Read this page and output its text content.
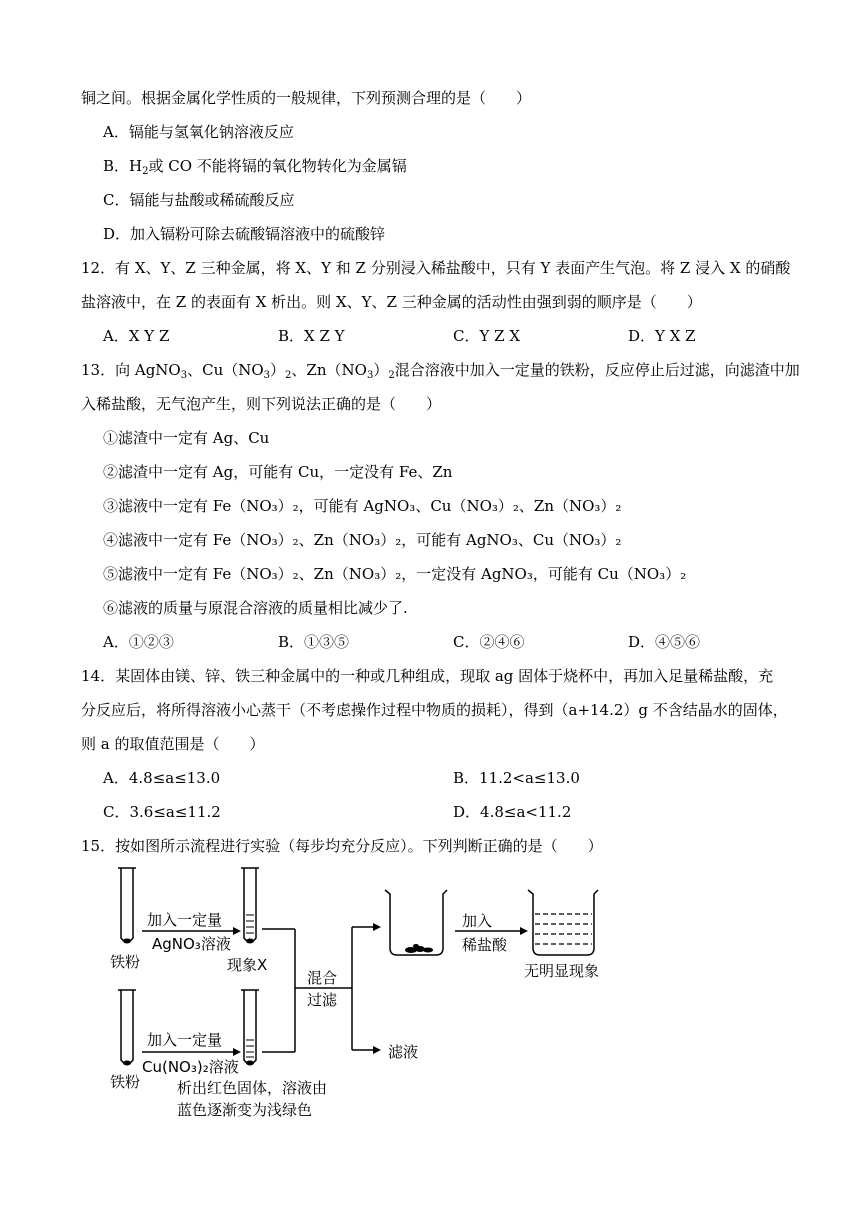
铜之间。根据金属化学性质的一般规律，下列预测合理的是（　　）
A．镉能与氢氧化钠溶液反应
B．$H_2$或 CO 不能将镉的氧化物转化为金属镉
C．镉能与盐酸或稀硫酸反应
D．加入镉粉可除去硫酸镉溶液中的硫酸锌
12．有 X、Y、Z 三种金属，将 X、Y 和 Z 分别浸入稀盐酸中，只有 Y 表面产生气泡。将 Z 浸入 X 的硝酸
盐溶液中，在 Z 的表面有 X 析出。则 X、Y、Z 三种金属的活动性由强到弱的顺序是（　　）
A．X Y Z	B．X Z Y	C．Y Z X	D．Y X Z
13．向 AgNO$_3$、$Cu(NO_3)_2$、$Zn(NO_3)_2$混合溶液中加入一定量的铁粉，反应停止后过滤，向滤渣中加
入稀盐酸，无气泡产生，则下列说法正确的是（　　）
①滤渣中一定有 Ag、Cu
②滤渣中一定有 Ag，可能有 Cu，一定没有 Fe、Zn
③滤液中一定有 Fe（NO₃）₂，可能有 AgNO₃、Cu（NO₃）₂、Zn（NO₃）₂
④滤液中一定有 Fe（NO₃）₂、Zn（NO₃）₂，可能有 AgNO₃、Cu（NO₃）₂
⑤滤液中一定有 Fe（NO₃）₂、Zn（NO₃）₂，一定没有 AgNO₃，可能有 Cu（NO₃）₂
⑥滤液的质量与原混合溶液的质量相比减少了.
A．①②③	B．①③⑤	C．②④⑥	D．④⑤⑥
14．某固体由镁、锌、铁三种金属中的一种或几种组成，现取 ag 固体于烧杯中，再加入足量稀盐酸，充
分反应后，将所得溶液小心蒸干（不考虑操作过程中物质的损耗），得到（a+14.2）g 不含结晶水的固体，
则 a 的取值范围是（　　）
A．4.8≤a≤13.0	B．11.2<a≤13.0
C．3.6≤a≤11.2	D．4.8≤a<11.2
15．按如图所示流程进行实验（每步均充分反应）。下列判断正确的是（　　）
铁粉
加入一定量
AgNO₃溶液
现象X
铁粉
加入一定量
Cu(NO₃)₂溶液
析出红色固体，溶液由
蓝色逐渐变为浅绿色
混合
过滤
滤液
加入
稀盐酸
无明显现象
